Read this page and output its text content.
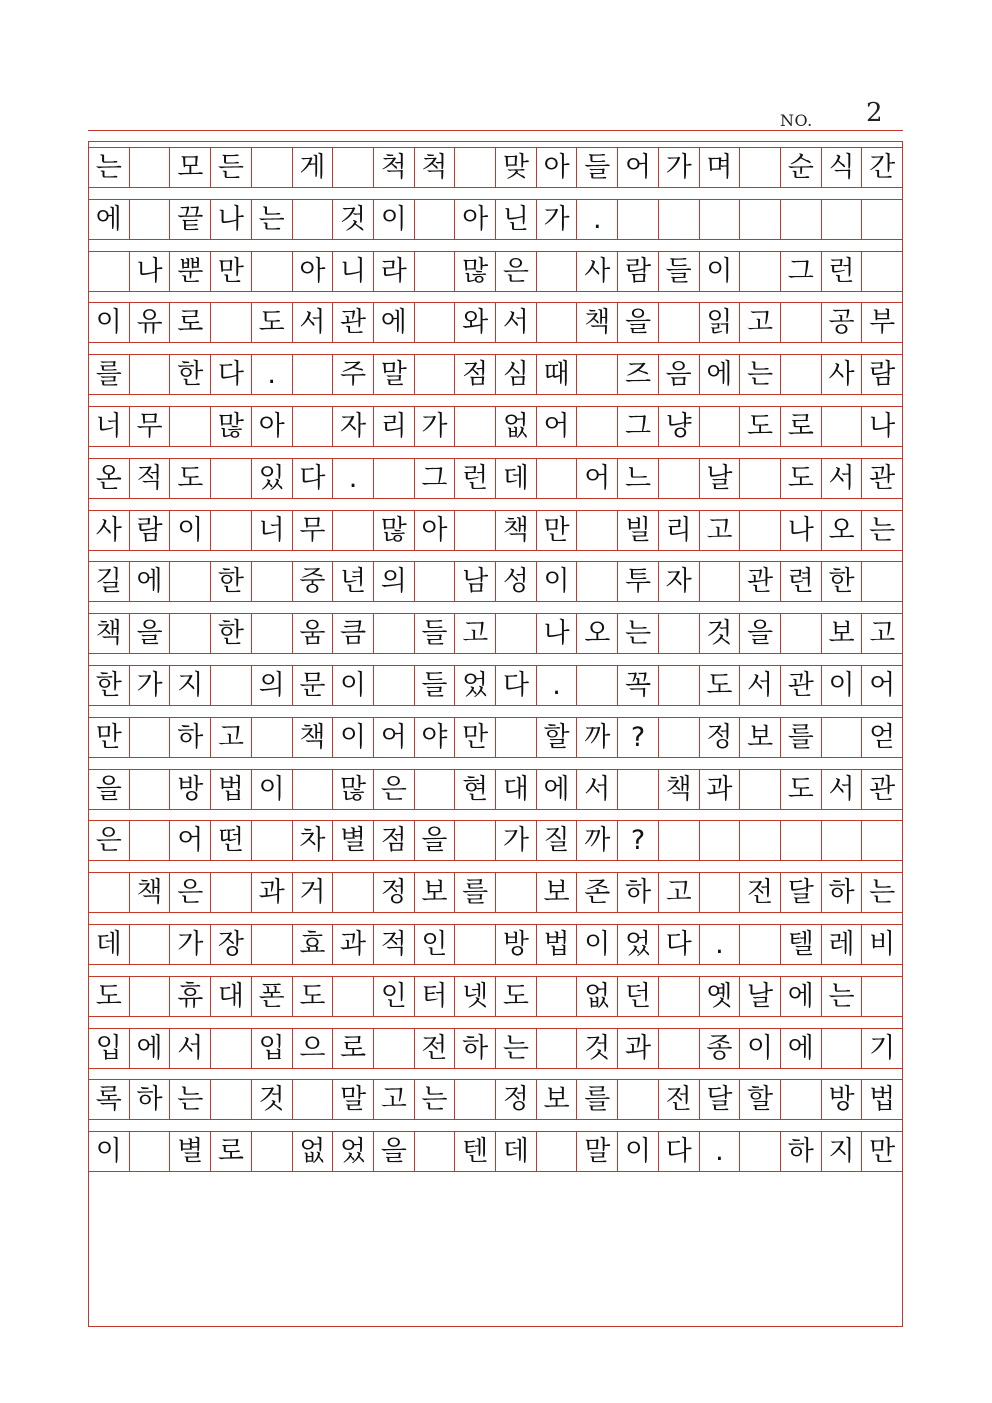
NO. 2
는 모 든 게 척 척 맞 아 들 어 가 며 순 식 간
에 끝 나 는 것 이 아 닌 가 .
나 뿐 만 아 니 라 많 은 사 람 들 이 그 런
이 유 로 도 서 관 에 와 서 책 을 읽 고 공 부
를 한 다 .	주 말 점 심 때 즈 음 에 는 사 람
너 무 많 아 자 리 가 없 어 그 냥 도 로 나
온 적 도 있 다 .	그 런 데 어 느 날 도 서 관
사 람 이 너 무 많 아 책 만 빌 리 고 나 오 는
길 에 한 중 년 의 남 성 이 투 자 관 련 한
책 을 한 움 큼 들 고 나 오 는 것 을 보 고
한 가 지 의 문 이 들 었 다 .	꼭 도 서 관 이 어
만 하 고 책 이 어 야 만 할 까 ?	정 보 를 얻
을 방 법 이 많 은 현 대 에 서 책 과 도 서 관
은 어 떤 차 별 점 을 가 질 까 ?
책 은 과 거 정 보 를 보 존 하 고 전 달 하 는
데 가 장 효 과 적 인 방 법 이 었 다 .	텔 레 비
도 휴 대 폰 도 인 터 넷 도 없 던 옛 날 에 는
입 에 서 입 으 로 전 하 는 것 과 종 이 에 기
록 하 는 것 말 고 는 정 보 를 전 달 할 방 법
이 별 로 없 었 을 텐 데 말 이 다 .	하 지 만
